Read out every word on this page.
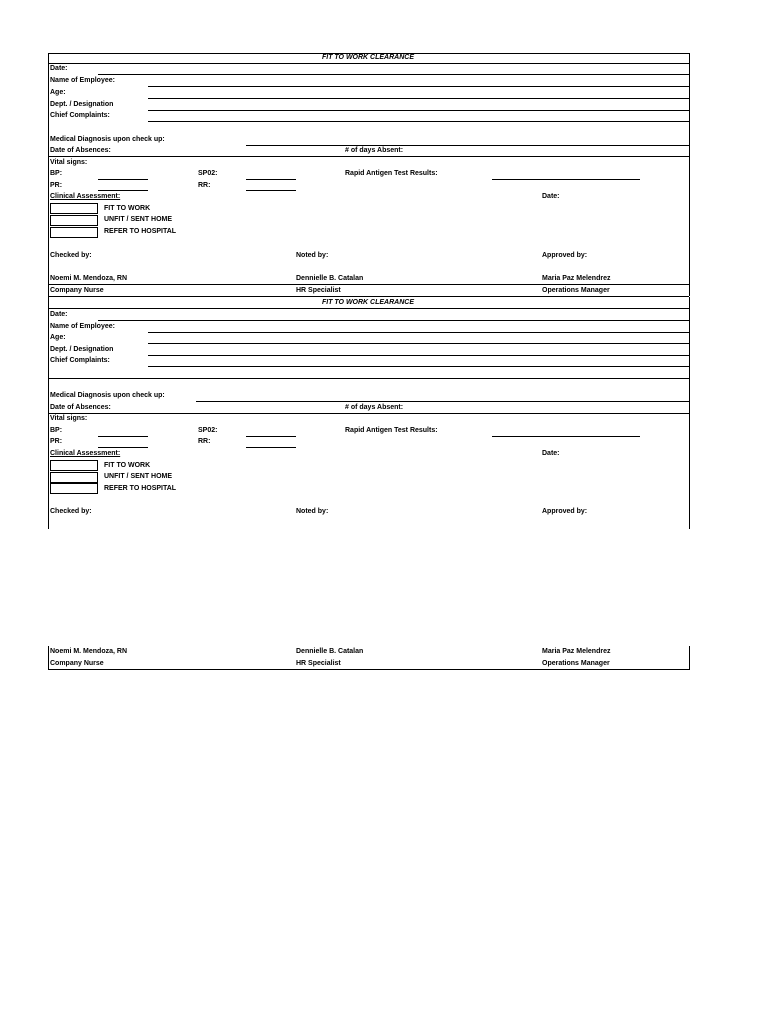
FIT TO WORK CLEARANCE
Date:
Name of Employee:
Age:
Dept. / Designation
Chief Complaints:
Medical Diagnosis upon check up:
Date of Absences:	# of days Absent:
Vital signs:
BP:	SP02:	Rapid Antigen Test Results:
PR:	RR:
Clinical Assessment:	Date:
FIT TO WORK
UNFIT / SENT HOME
REFER TO HOSPITAL
Checked by:	Noted by:	Approved by:
Noemi M. Mendoza, RN	Dennielle B. Catalan	Maria Paz Melendrez
Company Nurse	HR Specialist	Operations Manager
FIT TO WORK CLEARANCE
Date:
Name of Employee:
Age:
Dept. / Designation
Chief Complaints:
Medical Diagnosis upon check up:
Date of Absences:	# of days Absent:
Vital signs:
BP:	SP02:	Rapid Antigen Test Results:
PR:	RR:
Clinical Assessment:	Date:
FIT TO WORK
UNFIT / SENT HOME
REFER TO HOSPITAL
Checked by:	Noted by:	Approved by:
Noemi M. Mendoza, RN	Dennielle B. Catalan	Maria Paz Melendrez
Company Nurse	HR Specialist	Operations Manager
